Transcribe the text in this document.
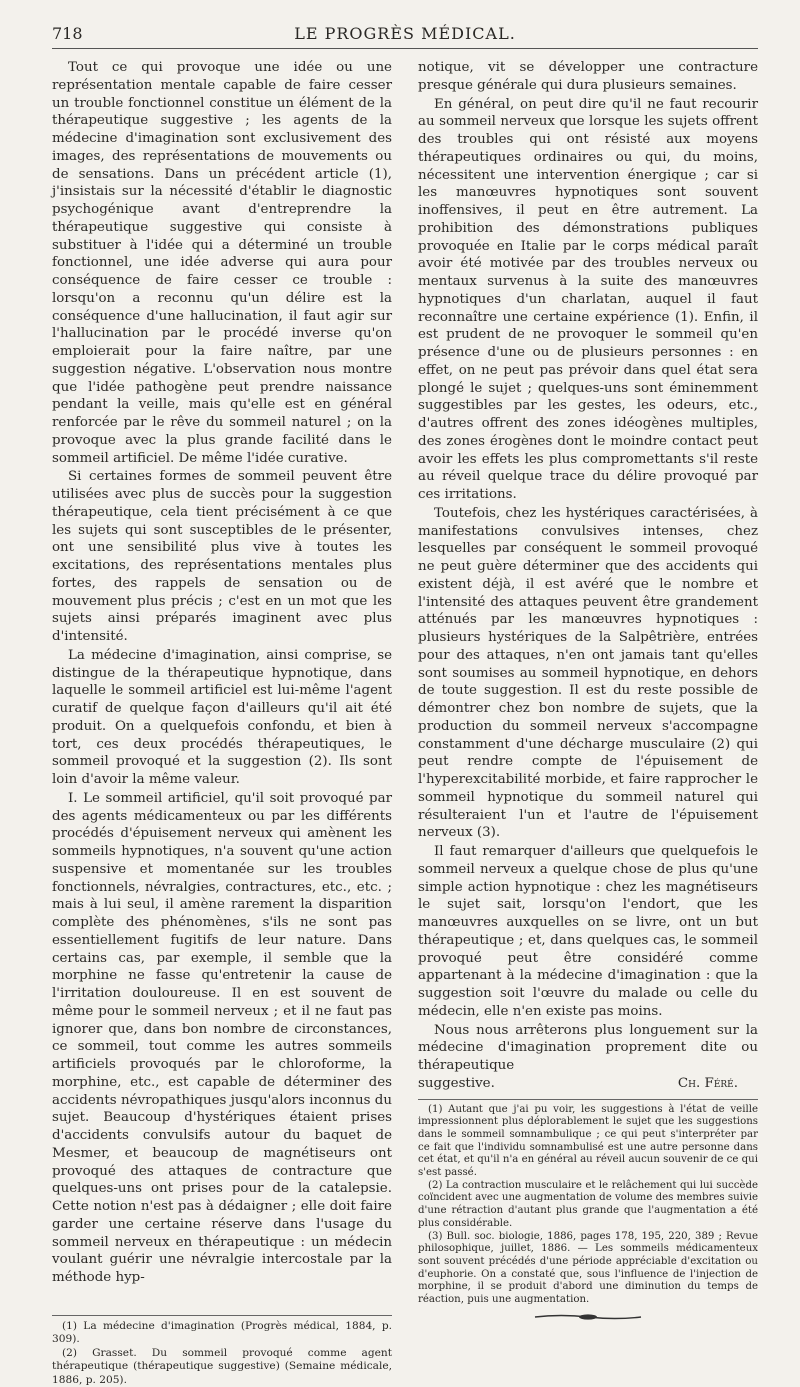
718	LE PROGRÈS MÉDICAL.

Tout ce qui provoque une idée ou une représentation mentale capable de faire cesser un trouble fonctionnel constitue un élément de la thérapeutique suggestive ; les agents de la médecine d'imagination sont exclusivement des images, des représentations de mouvements ou de sensations. Dans un précédent article (1), j'insistais sur la nécessité d'établir le diagnostic psychogénique avant d'entreprendre la thérapeutique suggestive qui consiste à substituer à l'idée qui a déterminé un trouble fonctionnel, une idée adverse qui aura pour conséquence de faire cesser ce trouble : lorsqu'on a reconnu qu'un délire est la conséquence d'une hallucination, il faut agir sur l'hallucination par le procédé inverse qu'on emploierait pour la faire naître, par une suggestion négative. L'observation nous montre que l'idée pathogène peut prendre naissance pendant la veille, mais qu'elle est en général renforcée par le rêve du sommeil naturel ; on la provoque avec la plus grande facilité dans le sommeil artificiel. De même l'idée curative.

Si certaines formes de sommeil peuvent être utilisées avec plus de succès pour la suggestion thérapeutique, cela tient précisément à ce que les sujets qui sont susceptibles de le présenter, ont une sensibilité plus vive à toutes les excitations, des représentations mentales plus fortes, des rappels de sensation ou de mouvement plus précis ; c'est en un mot que les sujets ainsi préparés imaginent avec plus d'intensité.

La médecine d'imagination, ainsi comprise, se distingue de la thérapeutique hypnotique, dans laquelle le sommeil artificiel est lui-même l'agent curatif de quelque façon d'ailleurs qu'il ait été produit. On a quelquefois confondu, et bien à tort, ces deux procédés thérapeutiques, le sommeil provoqué et la suggestion (2). Ils sont loin d'avoir la même valeur.

I. Le sommeil artificiel, qu'il soit provoqué par des agents médicamenteux ou par les différents procédés d'épuisement nerveux qui amènent les sommeils hypnotiques, n'a souvent qu'une action suspensive et momentanée sur les troubles fonctionnels, névralgies, contractures, etc., etc. ; mais à lui seul, il amène rarement la disparition complète des phénomènes, s'ils ne sont pas essentiellement fugitifs de leur nature. Dans certains cas, par exemple, il semble que la morphine ne fasse qu'entretenir la cause de l'irritation douloureuse. Il en est souvent de même pour le sommeil nerveux ; et il ne faut pas ignorer que, dans bon nombre de circonstances, ce sommeil, tout comme les autres sommeils artificiels provoqués par le chloroforme, la morphine, etc., est capable de déterminer des accidents névropathiques jusqu'alors inconnus du sujet. Beaucoup d'hystériques étaient prises d'accidents convulsifs autour du baquet de Mesmer, et beaucoup de magnétiseurs ont provoqué des attaques de contracture que quelques-uns ont prises pour de la catalepsie. Cette notion n'est pas à dédaigner ; elle doit faire garder une certaine réserve dans l'usage du sommeil nerveux en thérapeutique : un médecin voulant guérir une névralgie intercostale par la méthode hyp-

(1) La médecine d'imagination (Progrès médical, 1884, p. 309).

(2) Grasset. Du sommeil provoqué comme agent thérapeutique (thérapeutique suggestive) (Semaine médicale, 1886, p. 205).

notique, vit se développer une contracture presque générale qui dura plusieurs semaines.

En général, on peut dire qu'il ne faut recourir au sommeil nerveux que lorsque les sujets offrent des troubles qui ont résisté aux moyens thérapeutiques ordinaires ou qui, du moins, nécessitent une intervention énergique ; car si les manœuvres hypnotiques sont souvent inoffensives, il peut en être autrement. La prohibition des démonstrations publiques provoquée en Italie par le corps médical paraît avoir été motivée par des troubles nerveux ou mentaux survenus à la suite des manœuvres hypnotiques d'un charlatan, auquel il faut reconnaître une certaine expérience (1). Enfin, il est prudent de ne provoquer le sommeil qu'en présence d'une ou de plusieurs personnes : en effet, on ne peut pas prévoir dans quel état sera plongé le sujet ; quelques-uns sont éminemment suggestibles par les gestes, les odeurs, etc., d'autres offrent des zones idéogènes multiples, des zones érogènes dont le moindre contact peut avoir les effets les plus compromettants s'il reste au réveil quelque trace du délire provoqué par ces irritations.

Toutefois, chez les hystériques caractérisées, à manifestations convulsives intenses, chez lesquelles par conséquent le sommeil provoqué ne peut guère déterminer que des accidents qui existent déjà, il est avéré que le nombre et l'intensité des attaques peuvent être grandement atténués par les manœuvres hypnotiques : plusieurs hystériques de la Salpêtrière, entrées pour des attaques, n'en ont jamais tant qu'elles sont soumises au sommeil hypnotique, en dehors de toute suggestion. Il est du reste possible de démontrer chez bon nombre de sujets, que la production du sommeil nerveux s'accompagne constamment d'une décharge musculaire (2) qui peut rendre compte de l'épuisement de l'hyperexcitabilité morbide, et faire rapprocher le sommeil hypnotique du sommeil naturel qui résulteraient l'un et l'autre de l'épuisement nerveux (3).

Il faut remarquer d'ailleurs que quelquefois le sommeil nerveux a quelque chose de plus qu'une simple action hypnotique : chez les magnétiseurs le sujet sait, lorsqu'on l'endort, que les manœuvres auxquelles on se livre, ont un but thérapeutique ; et, dans quelques cas, le sommeil provoqué peut être considéré comme appartenant à la médecine d'imagination : que la suggestion soit l'œuvre du malade ou celle du médecin, elle n'en existe pas moins.

Nous nous arrêterons plus longuement sur la médecine d'imagination proprement dite ou thérapeutique

suggestive.	Ch. Féré.

(1) Autant que j'ai pu voir, les suggestions à l'état de veille impressionnent plus déplorablement le sujet que les suggestions dans le sommeil somnambulique ; ce qui peut s'interpréter par ce fait que l'individu somnambulisé est une autre personne dans cet état, et qu'il n'a en général au réveil aucun souvenir de ce qui s'est passé.

(2) La contraction musculaire et le relâchement qui lui succède coïncident avec une augmentation de volume des membres suivie d'une rétraction d'autant plus grande que l'augmentation a été plus considérable.

(3) Bull. soc. biologie, 1886, pages 178, 195, 220, 389 ; Revue philosophique, juillet, 1886. — Les sommeils médicamenteux sont souvent précédés d'une période appréciable d'excitation ou d'euphorie. On a constaté que, sous l'influence de l'injection de morphine, il se produit d'abord une diminution du temps de réaction, puis une augmentation.
